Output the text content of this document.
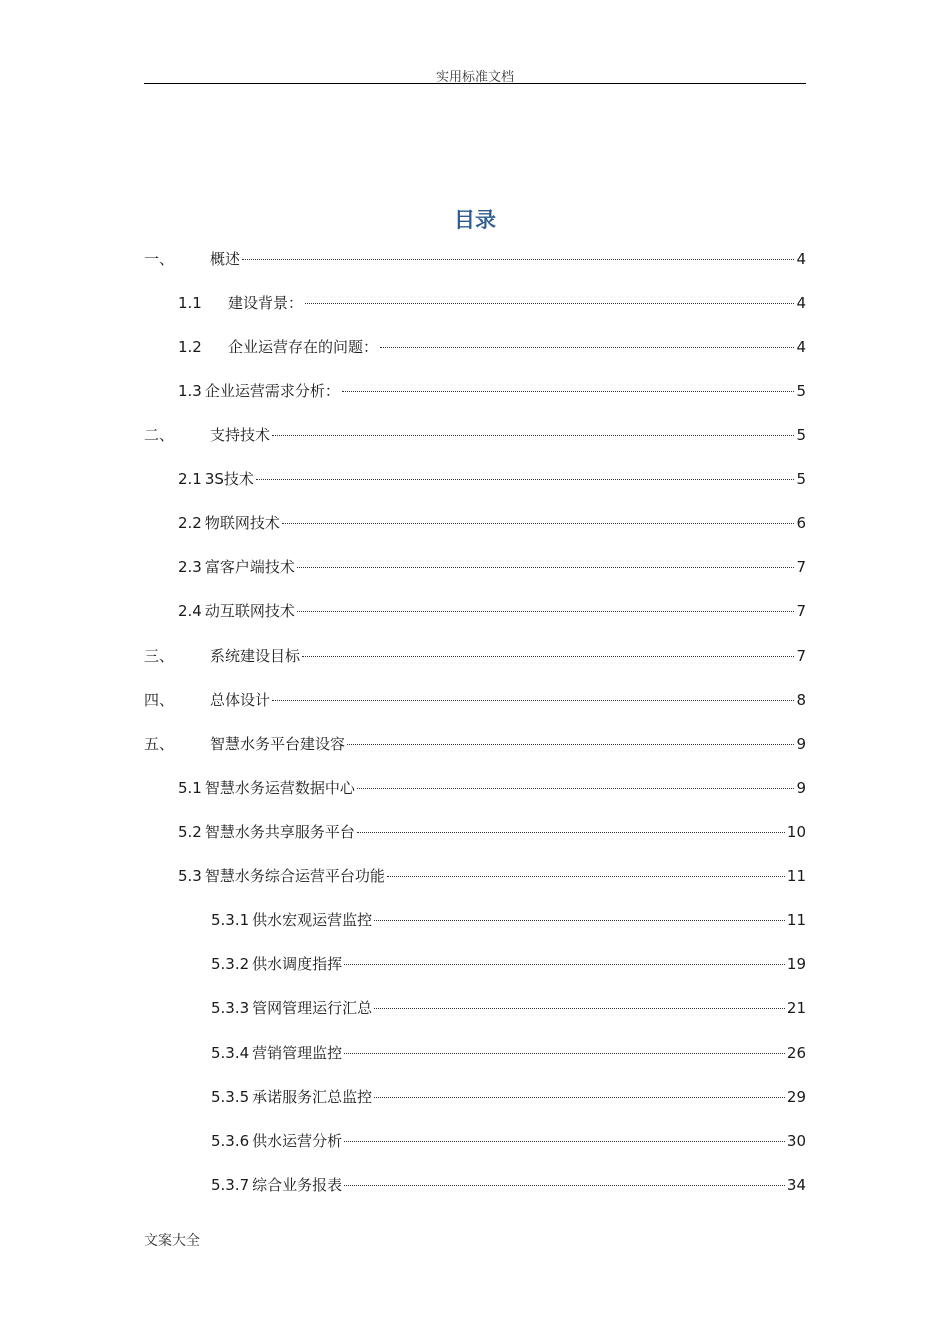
实用标准文档
目录
一、	概述	4
1.1	建设背景：	4
1.2	企业运营存在的问题：	4
1.3 企业运营需求分析：	5
二、	支持技术	5
2.1 3S技术	5
2.2 物联网技术	6
2.3 富客户端技术	7
2.4 动互联网技术	7
三、	系统建设目标	7
四、	总体设计	8
五、	智慧水务平台建设容	9
5.1 智慧水务运营数据中心	9
5.2 智慧水务共享服务平台	10
5.3 智慧水务综合运营平台功能	11
5.3.1 供水宏观运营监控	11
5.3.2 供水调度指挥	19
5.3.3 管网管理运行汇总	21
5.3.4 营销管理监控	26
5.3.5 承诺服务汇总监控	29
5.3.6 供水运营分析	30
5.3.7 综合业务报表	34
文案大全
